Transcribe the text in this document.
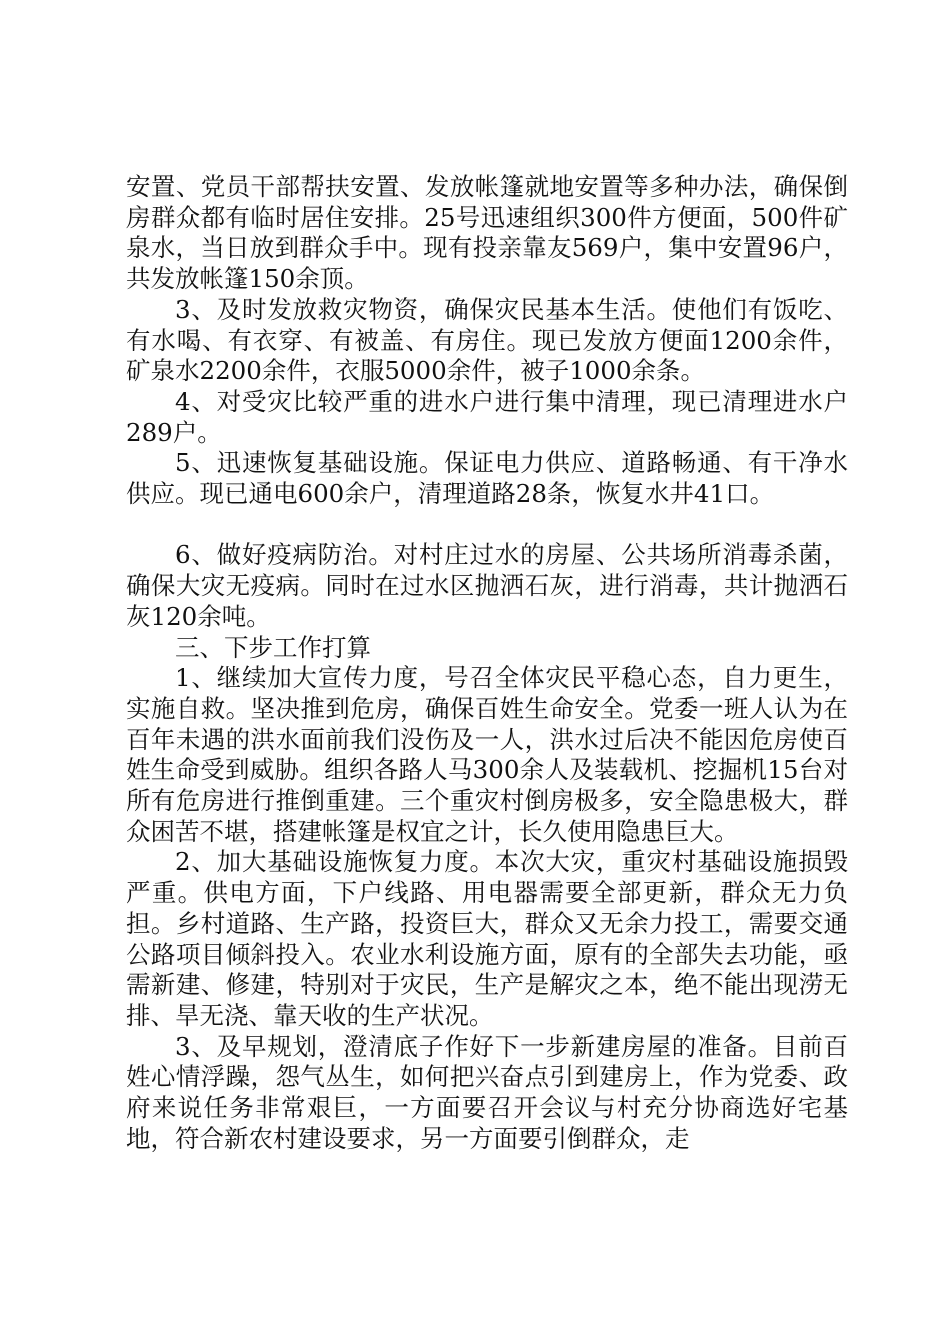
安置、党员干部帮扶安置、发放帐篷就地安置等多种办法，确保倒房群众都有临时居住安排。25号迅速组织300件方便面，500件矿泉水，当日放到群众手中。现有投亲靠友569户，集中安置96户，共发放帐篷150余顶。

3、及时发放救灾物资，确保灾民基本生活。使他们有饭吃、有水喝、有衣穿、有被盖、有房住。现已发放方便面1200余件，矿泉水2200余件，衣服5000余件，被子1000余条。

4、对受灾比较严重的进水户进行集中清理，现已清理进水户289户。

5、迅速恢复基础设施。保证电力供应、道路畅通、有干净水供应。现已通电600余户，清理道路28条，恢复水井41口。

6、做好疫病防治。对村庄过水的房屋、公共场所消毒杀菌，确保大灾无疫病。同时在过水区抛洒石灰，进行消毒，共计抛洒石灰120余吨。

三、下步工作打算

1、继续加大宣传力度，号召全体灾民平稳心态，自力更生，实施自救。坚决推到危房，确保百姓生命安全。党委一班人认为在百年未遇的洪水面前我们没伤及一人，洪水过后决不能因危房使百姓生命受到威胁。组织各路人马300余人及装载机、挖掘机15台对所有危房进行推倒重建。三个重灾村倒房极多，安全隐患极大，群众困苦不堪，搭建帐篷是权宜之计，长久使用隐患巨大。

2、加大基础设施恢复力度。本次大灾，重灾村基础设施损毁严重。供电方面，下户线路、用电器需要全部更新，群众无力负担。乡村道路、生产路，投资巨大，群众又无余力投工，需要交通公路项目倾斜投入。农业水利设施方面，原有的全部失去功能，亟需新建、修建，特别对于灾民，生产是解灾之本，绝不能出现涝无排、旱无浇、靠天收的生产状况。

3、及早规划，澄清底子作好下一步新建房屋的准备。目前百姓心情浮躁，怨气丛生，如何把兴奋点引到建房上，作为党委、政府来说任务非常艰巨，一方面要召开会议与村充分协商选好宅基地，符合新农村建设要求，另一方面要引倒群众，走
